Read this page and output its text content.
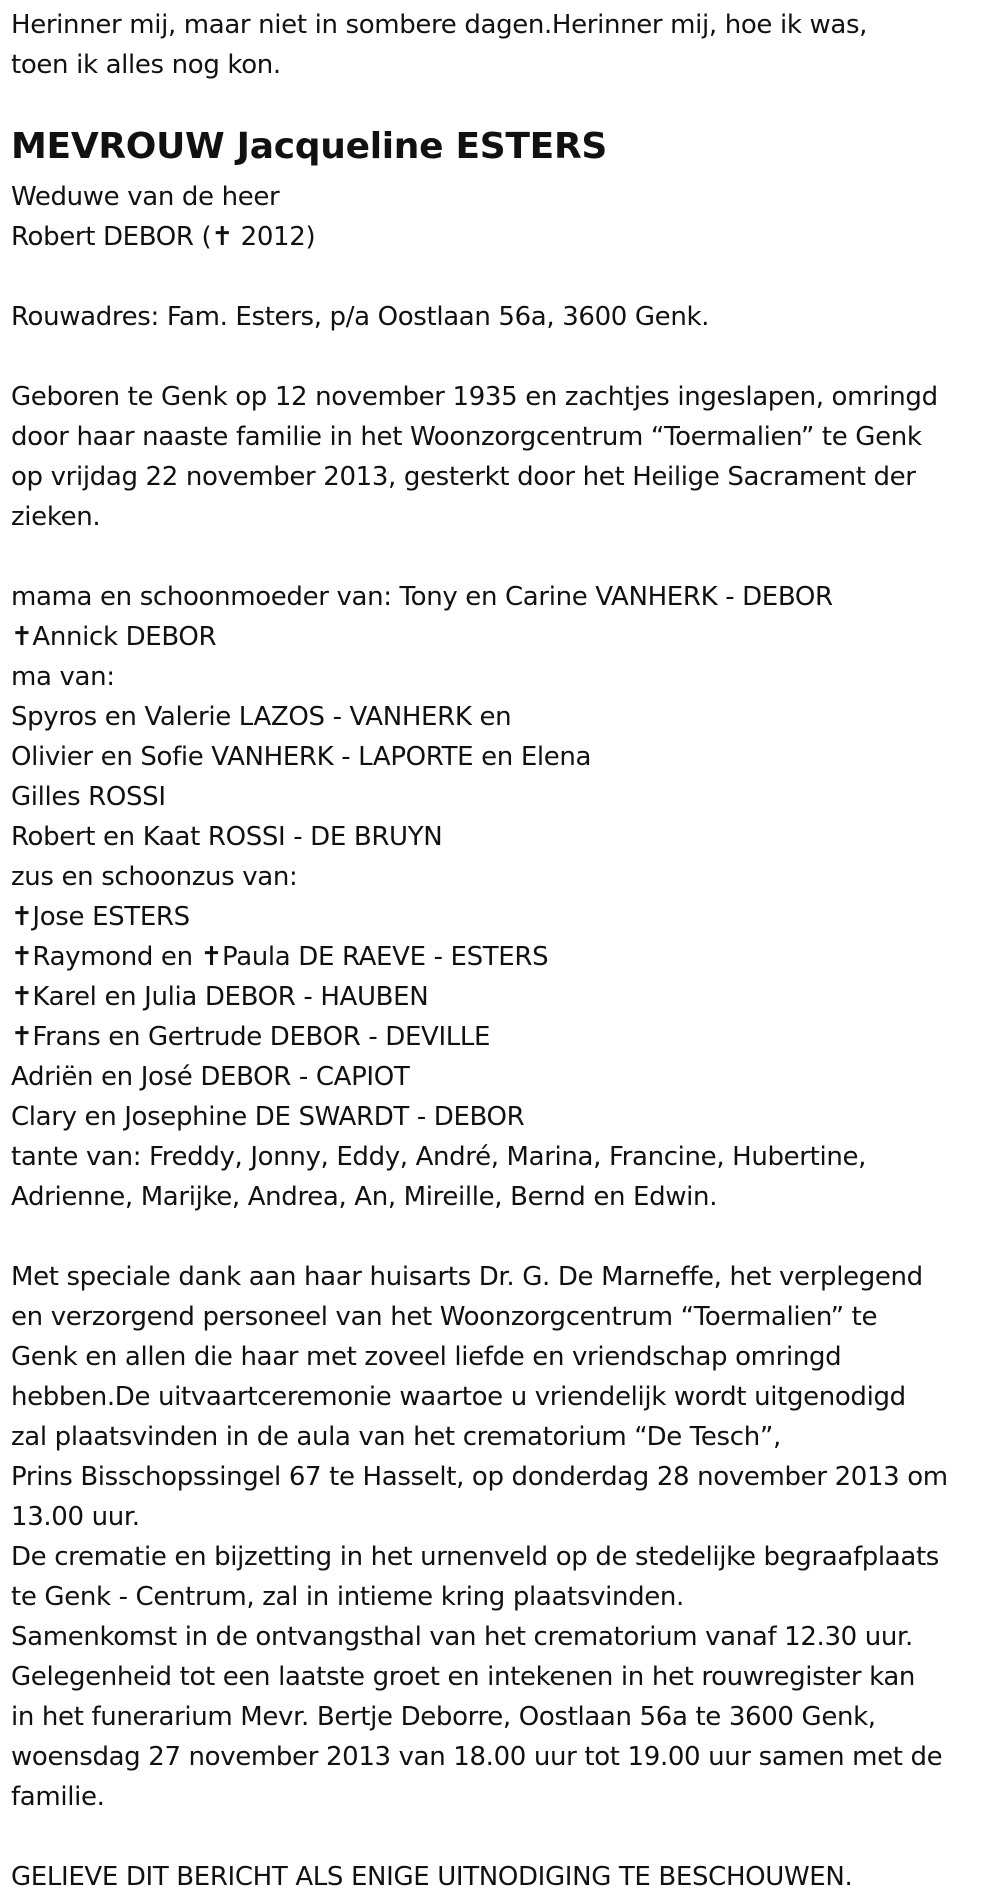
Herinner mij, maar niet in sombere dagen.Herinner mij, hoe ik was,
toen ik alles nog kon.
MEVROUW Jacqueline ESTERS
Weduwe van de heer
Robert DEBOR (✝ 2012)
Rouwadres: Fam. Esters, p/a Oostlaan 56a, 3600 Genk.
Geboren te Genk op 12 november 1935 en zachtjes ingeslapen, omringd
door haar naaste familie in het Woonzorgcentrum “Toermalien” te Genk
op vrijdag 22 november 2013, gesterkt door het Heilige Sacrament der
zieken.
mama en schoonmoeder van: Tony en Carine VANHERK - DEBOR
✝Annick DEBOR
ma van:
Spyros en Valerie LAZOS - VANHERK en
Olivier en Sofie VANHERK - LAPORTE en Elena
Gilles ROSSI
Robert en Kaat ROSSI - DE BRUYN
zus en schoonzus van:
✝Jose ESTERS
✝Raymond en ✝Paula DE RAEVE - ESTERS
✝Karel en Julia DEBOR - HAUBEN
✝Frans en Gertrude DEBOR - DEVILLE
Adriën en José DEBOR - CAPIOT
Clary en Josephine DE SWARDT - DEBOR
tante van: Freddy, Jonny, Eddy, André, Marina, Francine, Hubertine,
Adrienne, Marijke, Andrea, An, Mireille, Bernd en Edwin.
Met speciale dank aan haar huisarts Dr. G. De Marneffe, het verplegend
en verzorgend personeel van het Woonzorgcentrum “Toermalien” te
Genk en allen die haar met zoveel liefde en vriendschap omringd
hebben.De uitvaartceremonie waartoe u vriendelijk wordt uitgenodigd
zal plaatsvinden in de aula van het crematorium “De Tesch”,
Prins Bisschopssingel 67 te Hasselt, op donderdag 28 november 2013 om
13.00 uur.
De crematie en bijzetting in het urnenveld op de stedelijke begraafplaats
te Genk - Centrum, zal in intieme kring plaatsvinden.
Samenkomst in de ontvangsthal van het crematorium vanaf 12.30 uur.
Gelegenheid tot een laatste groet en intekenen in het rouwregister kan
in het funerarium Mevr. Bertje Deborre, Oostlaan 56a te 3600 Genk,
woensdag 27 november 2013 van 18.00 uur tot 19.00 uur samen met de
familie.
GELIEVE DIT BERICHT ALS ENIGE UITNODIGING TE BESCHOUWEN.
